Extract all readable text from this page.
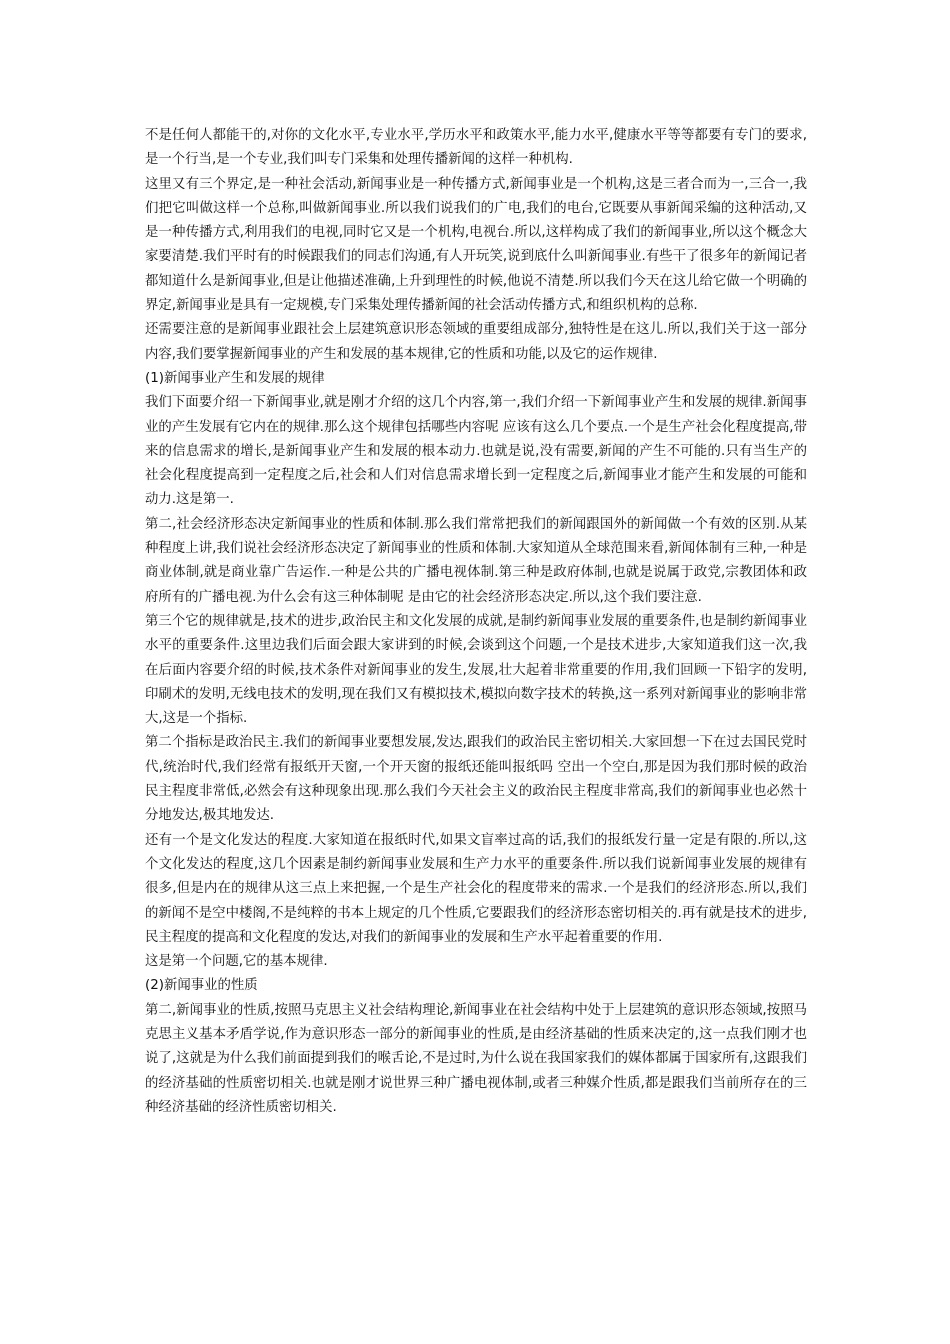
不是任何人都能干的,对你的文化水平,专业水平,学历水平和政策水平,能力水平,健康水平等等都要有专门的要求,是一个行当,是一个专业,我们叫专门采集和处理传播新闻的这样一种机构.

这里又有三个界定,是一种社会活动,新闻事业是一种传播方式,新闻事业是一个机构,这是三者合而为一,三合一,我们把它叫做这样一个总称,叫做新闻事业.所以我们说我们的广电,我们的电台,它既要从事新闻采编的这种活动,又是一种传播方式,利用我们的电视,同时它又是一个机构,电视台.所以,这样构成了我们的新闻事业,所以这个概念大家要清楚.我们平时有的时候跟我们的同志们沟通,有人开玩笑,说到底什么叫新闻事业.有些干了很多年的新闻记者都知道什么是新闻事业,但是让他描述准确,上升到理性的时候,他说不清楚.所以我们今天在这儿给它做一个明确的界定,新闻事业是具有一定规模,专门采集处理传播新闻的社会活动传播方式,和组织机构的总称.

还需要注意的是新闻事业跟社会上层建筑意识形态领域的重要组成部分,独特性是在这儿.所以,我们关于这一部分内容,我们要掌握新闻事业的产生和发展的基本规律,它的性质和功能,以及它的运作规律.

(1)新闻事业产生和发展的规律

我们下面要介绍一下新闻事业,就是刚才介绍的这几个内容,第一,我们介绍一下新闻事业产生和发展的规律.新闻事业的产生发展有它内在的规律.那么这个规律包括哪些内容呢 应该有这么几个要点.一个是生产社会化程度提高,带来的信息需求的增长,是新闻事业产生和发展的根本动力.也就是说,没有需要,新闻的产生不可能的.只有当生产的社会化程度提高到一定程度之后,社会和人们对信息需求增长到一定程度之后,新闻事业才能产生和发展的可能和动力.这是第一.

第二,社会经济形态决定新闻事业的性质和体制.那么我们常常把我们的新闻跟国外的新闻做一个有效的区别.从某种程度上讲,我们说社会经济形态决定了新闻事业的性质和体制.大家知道从全球范围来看,新闻体制有三种,一种是商业体制,就是商业靠广告运作.一种是公共的广播电视体制.第三种是政府体制,也就是说属于政党,宗教团体和政府所有的广播电视.为什么会有这三种体制呢 是由它的社会经济形态决定.所以,这个我们要注意.

第三个它的规律就是,技术的进步,政治民主和文化发展的成就,是制约新闻事业发展的重要条件,也是制约新闻事业水平的重要条件.这里边我们后面会跟大家讲到的时候,会谈到这个问题,一个是技术进步,大家知道我们这一次,我在后面内容要介绍的时候,技术条件对新闻事业的发生,发展,壮大起着非常重要的作用,我们回顾一下铅字的发明,印刷术的发明,无线电技术的发明,现在我们又有模拟技术,模拟向数字技术的转换,这一系列对新闻事业的影响非常大,这是一个指标.

第二个指标是政治民主.我们的新闻事业要想发展,发达,跟我们的政治民主密切相关.大家回想一下在过去国民党时代,统治时代,我们经常有报纸开天窗,一个开天窗的报纸还能叫报纸吗 空出一个空白,那是因为我们那时候的政治民主程度非常低,必然会有这种现象出现.那么我们今天社会主义的政治民主程度非常高,我们的新闻事业也必然十分地发达,极其地发达.

还有一个是文化发达的程度.大家知道在报纸时代,如果文盲率过高的话,我们的报纸发行量一定是有限的.所以,这个文化发达的程度,这几个因素是制约新闻事业发展和生产力水平的重要条件.所以我们说新闻事业发展的规律有很多,但是内在的规律从这三点上来把握,一个是生产社会化的程度带来的需求.一个是我们的经济形态.所以,我们的新闻不是空中楼阁,不是纯粹的书本上规定的几个性质,它要跟我们的经济形态密切相关的.再有就是技术的进步,民主程度的提高和文化程度的发达,对我们的新闻事业的发展和生产水平起着重要的作用.

这是第一个问题,它的基本规律.

(2)新闻事业的性质

第二,新闻事业的性质,按照马克思主义社会结构理论,新闻事业在社会结构中处于上层建筑的意识形态领域,按照马克思主义基本矛盾学说,作为意识形态一部分的新闻事业的性质,是由经济基础的性质来决定的,这一点我们刚才也说了,这就是为什么我们前面提到我们的喉舌论,不是过时,为什么说在我国家我们的媒体都属于国家所有,这跟我们的经济基础的性质密切相关.也就是刚才说世界三种广播电视体制,或者三种媒介性质,都是跟我们当前所存在的三种经济基础的经济性质密切相关.
